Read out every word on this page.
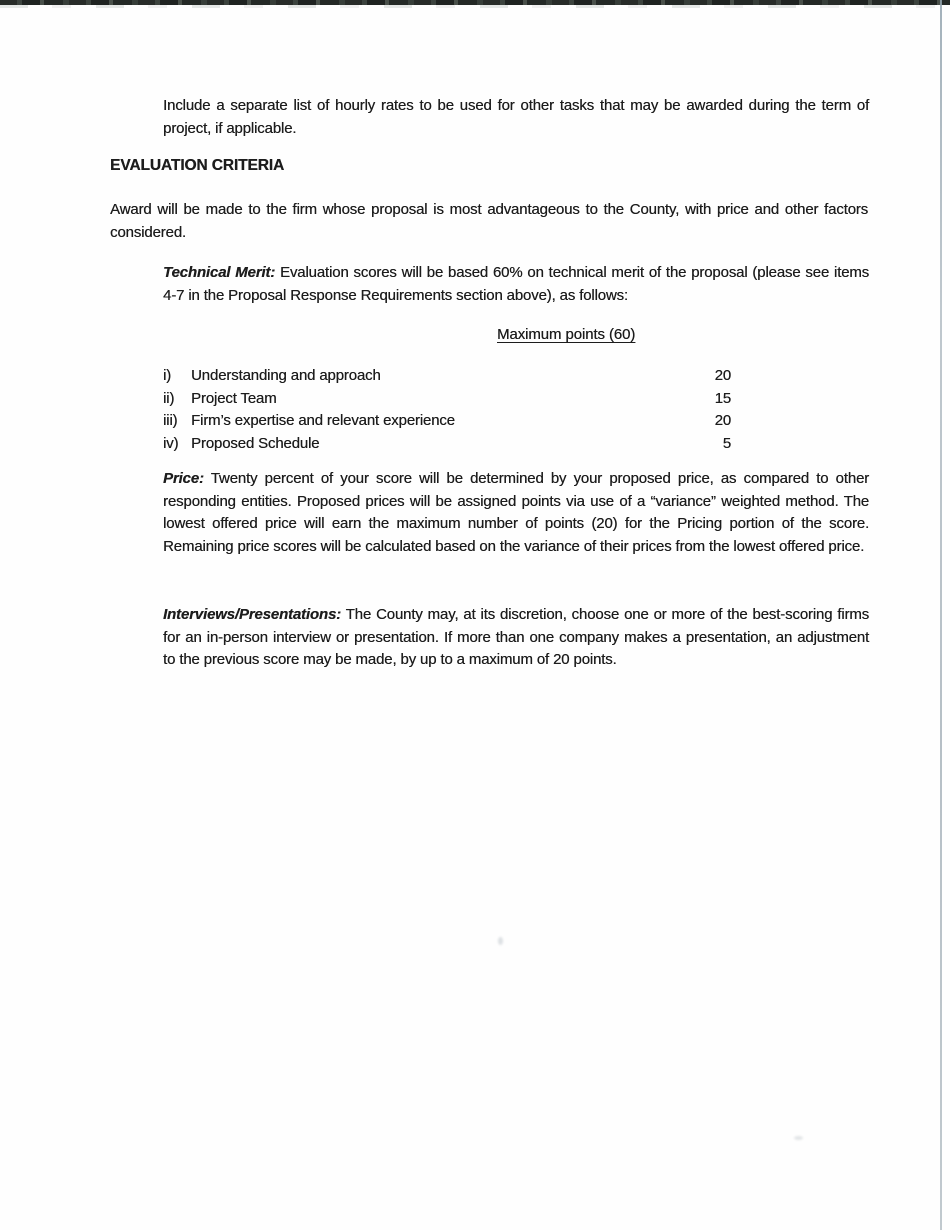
Include a separate list of hourly rates to be used for other tasks that may be awarded during the term of project, if applicable.
EVALUATION CRITERIA
Award will be made to the firm whose proposal is most advantageous to the County, with price and other factors considered.
Technical Merit: Evaluation scores will be based 60% on technical merit of the proposal (please see items 4-7 in the Proposal Response Requirements section above), as follows:
Maximum points (60)
i) Understanding and approach	20
ii) Project Team	15
iii) Firm’s expertise and relevant experience	20
iv) Proposed Schedule	5
Price: Twenty percent of your score will be determined by your proposed price, as compared to other responding entities. Proposed prices will be assigned points via use of a “variance” weighted method. The lowest offered price will earn the maximum number of points (20) for the Pricing portion of the score. Remaining price scores will be calculated based on the variance of their prices from the lowest offered price.
Interviews/Presentations: The County may, at its discretion, choose one or more of the best-scoring firms for an in-person interview or presentation. If more than one company makes a presentation, an adjustment to the previous score may be made, by up to a maximum of 20 points.
